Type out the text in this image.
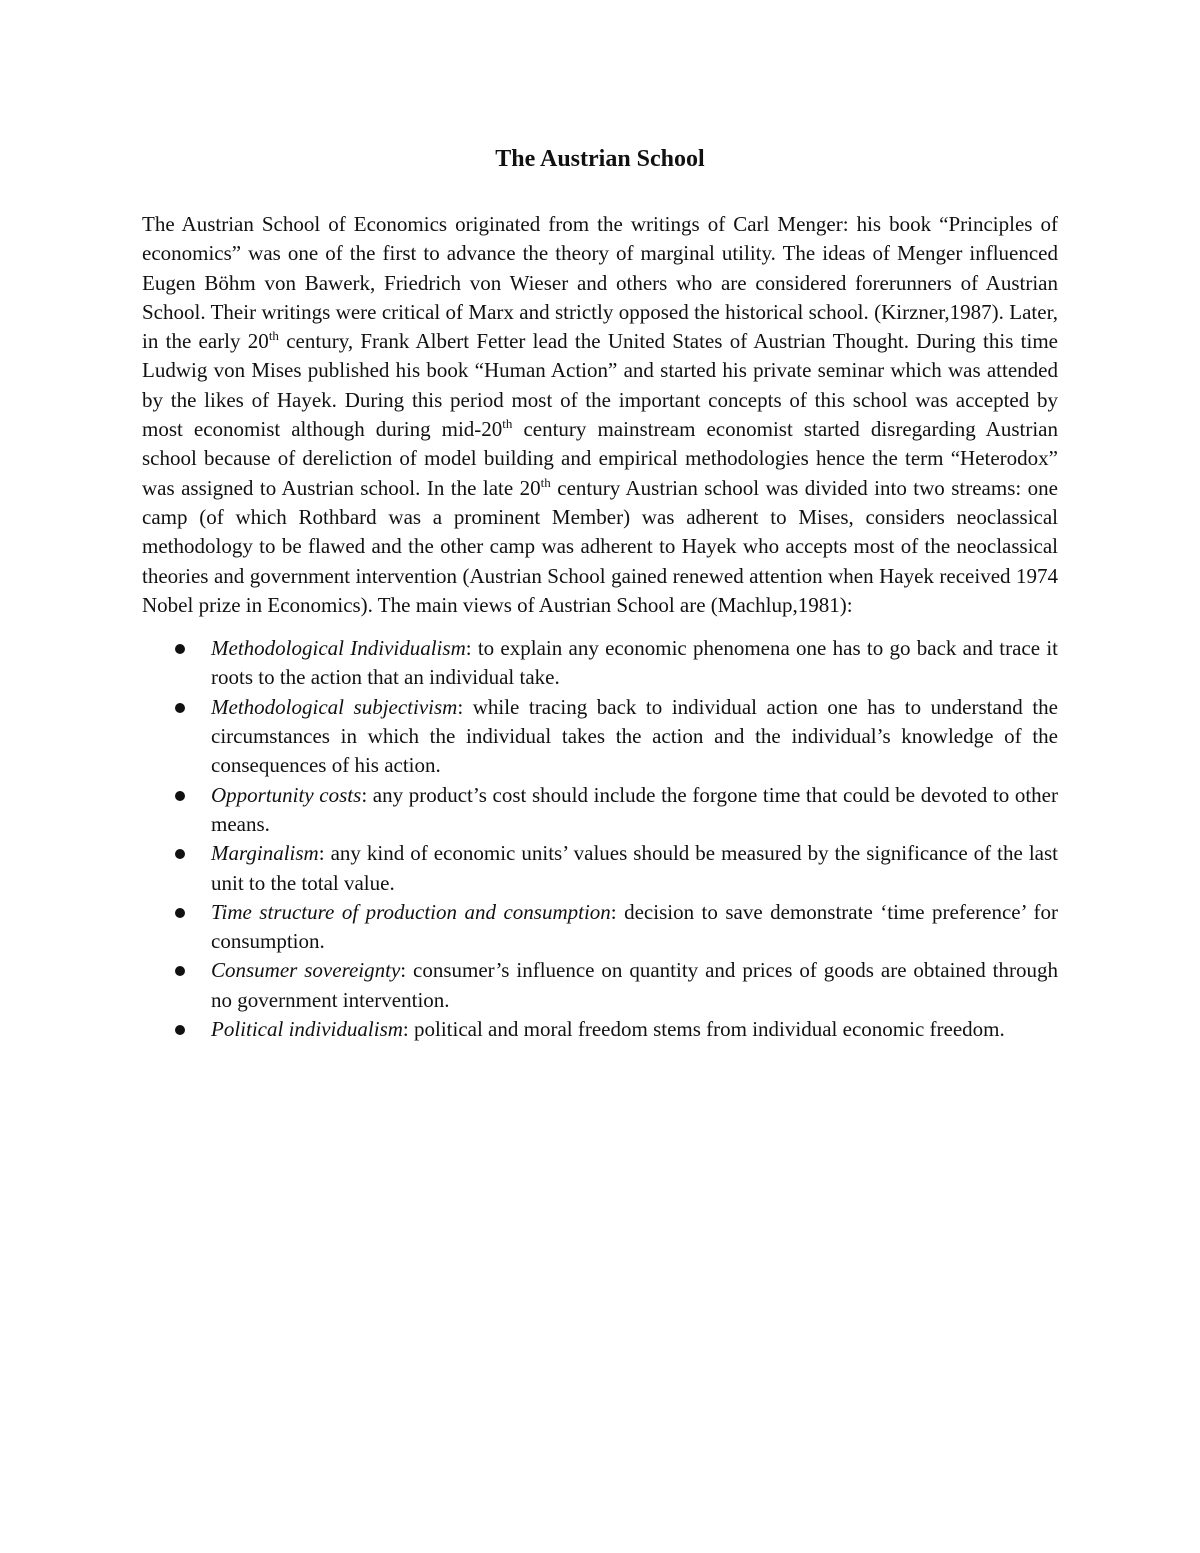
The Austrian School

The Austrian School of Economics originated from the writings of Carl Menger: his book “Principles of economics” was one of the first to advance the theory of marginal utility. The ideas of Menger influenced Eugen Böhm von Bawerk, Friedrich von Wieser and others who are considered forerunners of Austrian School. Their writings were critical of Marx and strictly opposed the historical school. (Kirzner,1987). Later, in the early 20th century, Frank Albert Fetter lead the United States of Austrian Thought. During this time Ludwig von Mises published his book “Human Action” and started his private seminar which was attended by the likes of Hayek. During this period most of the important concepts of this school was accepted by most economist although during mid-20th century mainstream economist started disregarding Austrian school because of dereliction of model building and empirical methodologies hence the term “Heterodox” was assigned to Austrian school. In the late 20th century Austrian school was divided into two streams: one camp (of which Rothbard was a prominent Member) was adherent to Mises, considers neoclassical methodology to be flawed and the other camp was adherent to Hayek who accepts most of the neoclassical theories and government intervention (Austrian School gained renewed attention when Hayek received 1974 Nobel prize in Economics). The main views of Austrian School are (Machlup,1981):

Methodological Individualism: to explain any economic phenomena one has to go back and trace it roots to the action that an individual take.
Methodological subjectivism: while tracing back to individual action one has to understand the circumstances in which the individual takes the action and the individual’s knowledge of the consequences of his action.
Opportunity costs: any product’s cost should include the forgone time that could be devoted to other means.
Marginalism: any kind of economic units’ values should be measured by the significance of the last unit to the total value.
Time structure of production and consumption: decision to save demonstrate ‘time preference’ for consumption.
Consumer sovereignty: consumer’s influence on quantity and prices of goods are obtained through no government intervention.
Political individualism: political and moral freedom stems from individual economic freedom.
